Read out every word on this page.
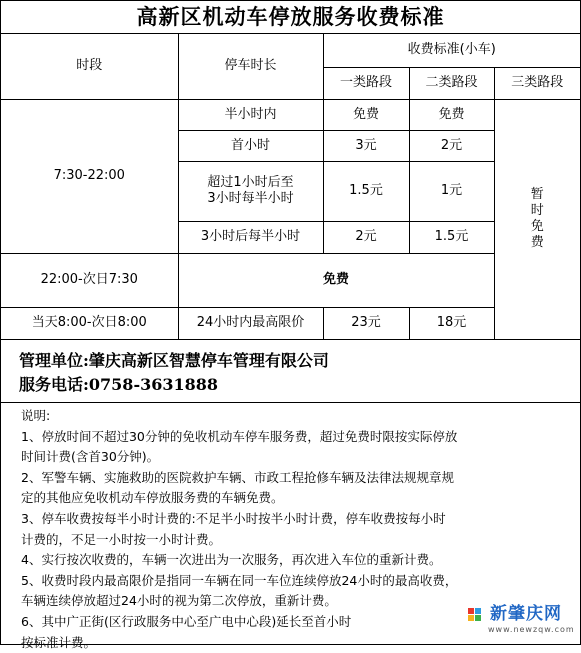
高新区机动车停放服务收费标准
时段	停车时长	收费标准(小车)		
		一类路段	二类路段	三类路段
7:30-22:00	半小时内	免费	免费	暂
时
免
费

	首小时	3元	2元	

	超过1小时后至
3小时每半小时	1.5元	1元	
	3小时后每半小时	2元	1.5元	
22:00-次日7:30	免费			
当天8:00-次日8:00	24小时内最高限价	23元	18元	
管理单位:肇庆高新区智慧停车管理有限公司
服务电话:0758-3631888

说明:

1、停放时间不超过30分钟的免收机动车停车服务费，超过免费时限按实际停放

时间计费(含首30分钟)。

2、军警车辆、实施救助的医院救护车辆、市政工程抢修车辆及法律法规规章规

定的其他应免收机动车停放服务费的车辆免费。

3、停车收费按每半小时计费的:不足半小时按半小时计费，停车收费按每小时

计费的，不足一小时按一小时计费。

4、实行按次收费的，车辆一次进出为一次服务，再次进入车位的重新计费。

5、收费时段内最高限价是指同一车辆在同一车位连续停放24小时的最高收费，

车辆连续停放超过24小时的视为第二次停放，重新计费。

6、其中广正街(区行政服务中心至广电中心段)延长至首小时

按标准计费。

新肇庆网
www.newzqw.com
